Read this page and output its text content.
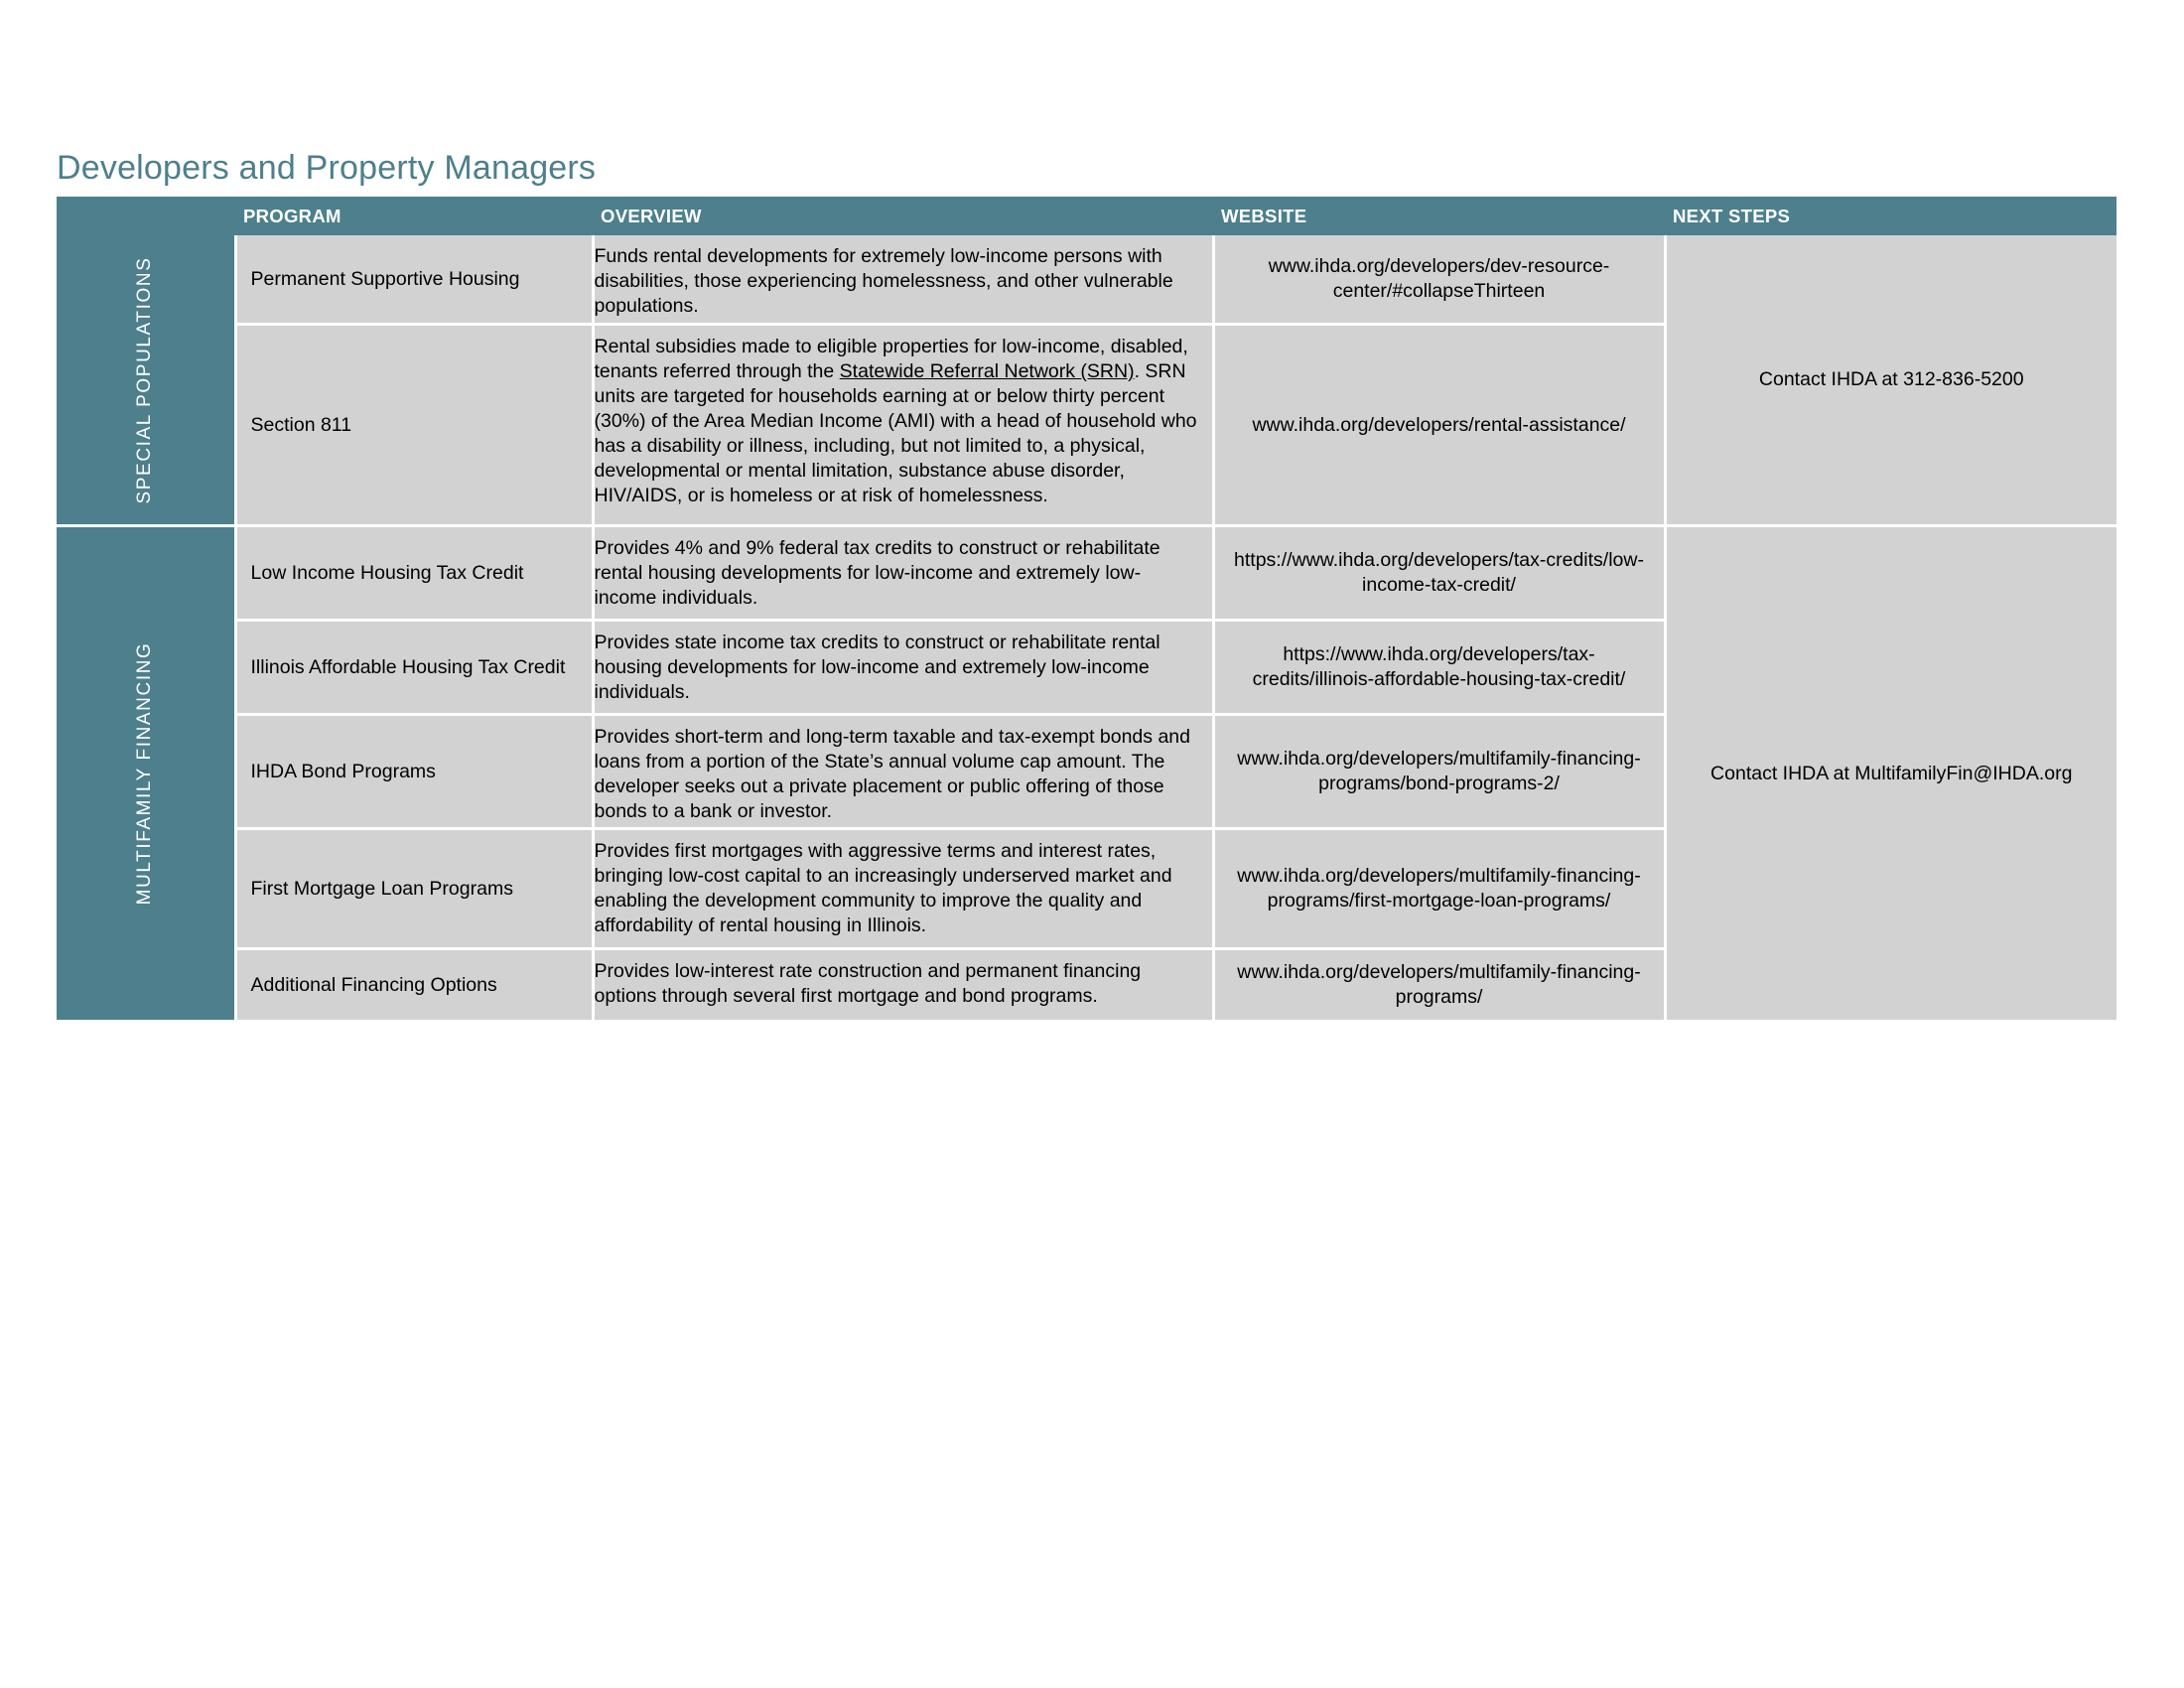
Developers and Property Managers
	PROGRAM	OVERVIEW	WEBSITE	NEXT STEPS

SPECIAL POPULATIONS	Permanent Supportive Housing	Funds rental developments for extremely low-income persons with disabilities, those experiencing homelessness, and other vulnerable populations.	www.ihda.org/developers/dev-resource-center/#collapseThirteen	Contact IHDA at 312-836-5200
	Section 811	Rental subsidies made to eligible properties for low-income, disabled, tenants referred through the Statewide Referral Network (SRN). SRN units are targeted for households earning at or below thirty percent (30%) of the Area Median Income (AMI) with a head of household who has a disability or illness, including, but not limited to, a physical, developmental or mental limitation, substance abuse disorder, HIV/AIDS, or is homeless or at risk of homelessness.	www.ihda.org/developers/rental-assistance/	

MULTIFAMILY FINANCING	Low Income Housing Tax Credit	Provides 4% and 9% federal tax credits to construct or rehabilitate rental housing developments for low-income and extremely low-income individuals.	https://www.ihda.org/developers/tax-credits/low-income-tax-credit/	Contact IHDA at MultifamilyFin@IHDA.org
	Illinois Affordable Housing Tax Credit	Provides state income tax credits to construct or rehabilitate rental housing developments for low-income and extremely low-income individuals.	https://www.ihda.org/developers/tax-credits/illinois-affordable-housing-tax-credit/	
	IHDA Bond Programs	Provides short-term and long-term taxable and tax-exempt bonds and loans from a portion of the State’s annual volume cap amount. The developer seeks out a private placement or public offering of those bonds to a bank or investor.	www.ihda.org/developers/multifamily-financing-programs/bond-programs-2/	
	First Mortgage Loan Programs	Provides first mortgages with aggressive terms and interest rates, bringing low-cost capital to an increasingly underserved market and enabling the development community to improve the quality and affordability of rental housing in Illinois.	www.ihda.org/developers/multifamily-financing-programs/first-mortgage-loan-programs/	
	Additional Financing Options	Provides low-interest rate construction and permanent financing options through several first mortgage and bond programs.	www.ihda.org/developers/multifamily-financing-programs/	
